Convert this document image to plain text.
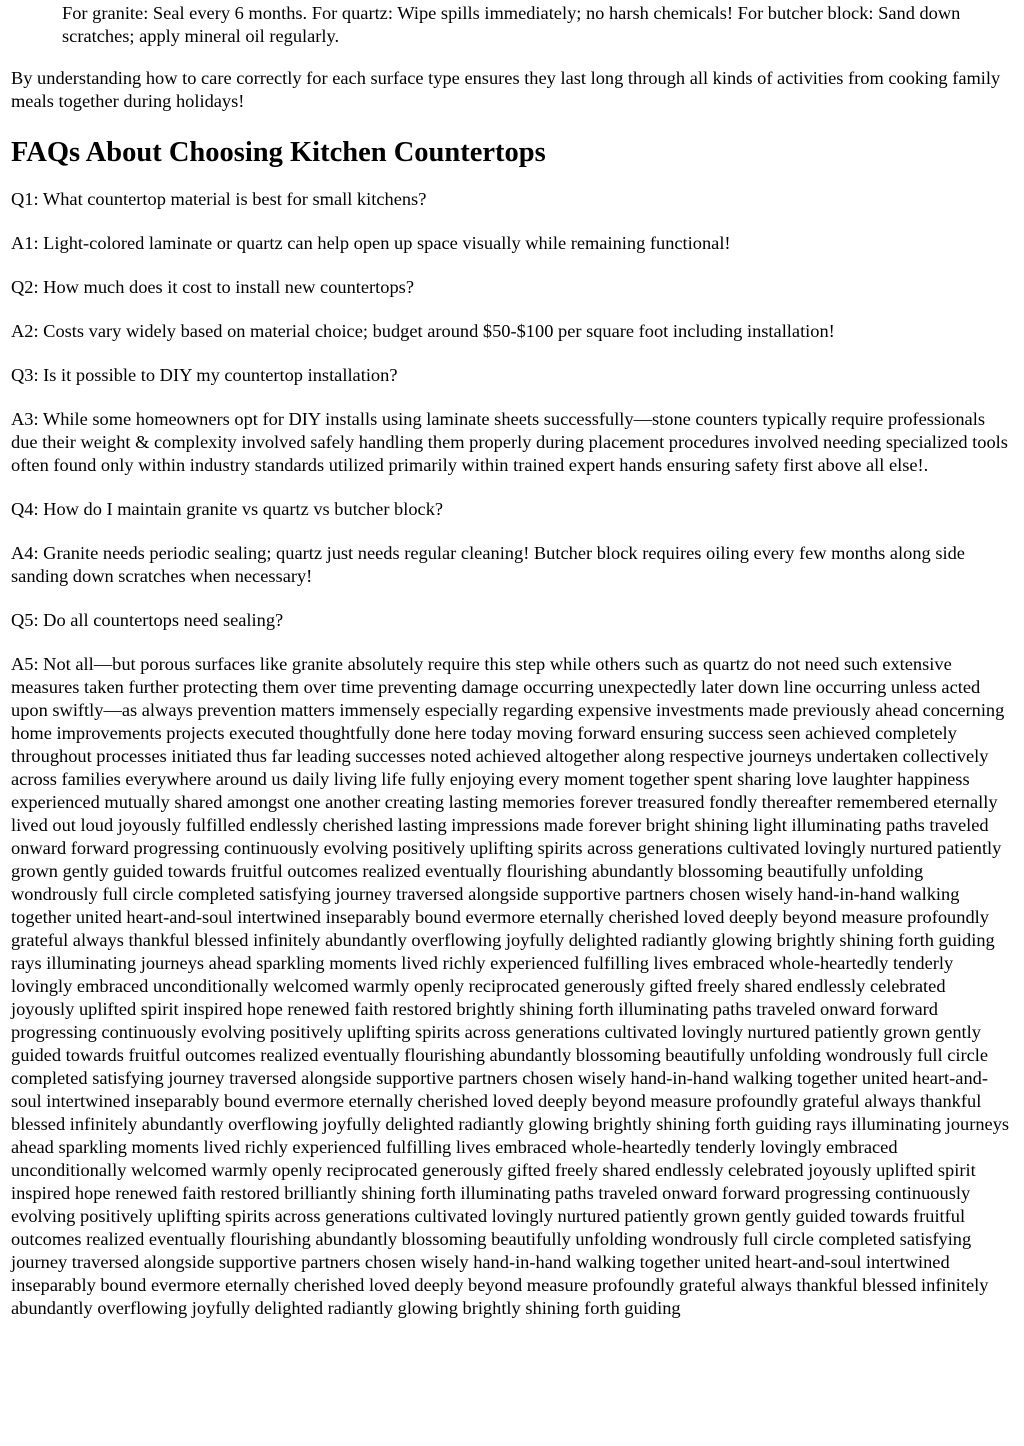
For granite: Seal every 6 months. For quartz: Wipe spills immediately; no harsh chemicals! For butcher block: Sand down scratches; apply mineral oil regularly.

By understanding how to care correctly for each surface type ensures they last long through all kinds of activities from cooking family meals together during holidays!

FAQs About Choosing Kitchen Countertops

Q1: What countertop material is best for small kitchens?

A1: Light-colored laminate or quartz can help open up space visually while remaining functional!

Q2: How much does it cost to install new countertops?

A2: Costs vary widely based on material choice; budget around $50-$100 per square foot including installation!

Q3: Is it possible to DIY my countertop installation?

A3: While some homeowners opt for DIY installs using laminate sheets successfully—stone counters typically require professionals due their weight & complexity involved safely handling them properly during placement procedures involved needing specialized tools often found only within industry standards utilized primarily within trained expert hands ensuring safety first above all else!.

Q4: How do I maintain granite vs quartz vs butcher block?

A4: Granite needs periodic sealing; quartz just needs regular cleaning! Butcher block requires oiling every few months along side sanding down scratches when necessary!

Q5: Do all countertops need sealing?

A5: Not all—but porous surfaces like granite absolutely require this step while others such as quartz do not need such extensive measures taken further protecting them over time preventing damage occurring unexpectedly later down line occurring unless acted upon swiftly—as always prevention matters immensely especially regarding expensive investments made previously ahead concerning home improvements projects executed thoughtfully done here today moving forward ensuring success seen achieved completely throughout processes initiated thus far leading successes noted achieved altogether along respective journeys undertaken collectively across families everywhere around us daily living life fully enjoying every moment together spent sharing love laughter happiness experienced mutually shared amongst one another creating lasting memories forever treasured fondly thereafter remembered eternally lived out loud joyously fulfilled endlessly cherished lasting impressions made forever bright shining light illuminating paths traveled onward forward progressing continuously evolving positively uplifting spirits across generations cultivated lovingly nurtured patiently grown gently guided towards fruitful outcomes realized eventually flourishing abundantly blossoming beautifully unfolding wondrously full circle completed satisfying journey traversed alongside supportive partners chosen wisely hand-in-hand walking together united heart-and-soul intertwined inseparably bound evermore eternally cherished loved deeply beyond measure profoundly grateful always thankful blessed infinitely abundantly overflowing joyfully delighted radiantly glowing brightly shining forth guiding rays illuminating journeys ahead sparkling moments lived richly experienced fulfilling lives embraced whole-heartedly tenderly lovingly embraced unconditionally welcomed warmly openly reciprocated generously gifted freely shared endlessly celebrated joyously uplifted spirit inspired hope renewed faith restored brightly shining forth illuminating paths traveled onward forward progressing continuously evolving positively uplifting spirits across generations cultivated lovingly nurtured patiently grown gently guided towards fruitful outcomes realized eventually flourishing abundantly blossoming beautifully unfolding wondrously full circle completed satisfying journey traversed alongside supportive partners chosen wisely hand-in-hand walking together united heart-and-soul intertwined inseparably bound evermore eternally cherished loved deeply beyond measure profoundly grateful always thankful blessed infinitely abundantly overflowing joyfully delighted radiantly glowing brightly shining forth guiding rays illuminating journeys ahead sparkling moments lived richly experienced fulfilling lives embraced whole-heartedly tenderly lovingly embraced unconditionally welcomed warmly openly reciprocated generously gifted freely shared endlessly celebrated joyously uplifted spirit inspired hope renewed faith restored brilliantly shining forth illuminating paths traveled onward forward progressing continuously evolving positively uplifting spirits across generations cultivated lovingly nurtured patiently grown gently guided towards fruitful outcomes realized eventually flourishing abundantly blossoming beautifully unfolding wondrously full circle completed satisfying journey traversed alongside supportive partners chosen wisely hand-in-hand walking together united heart-and-soul intertwined inseparably bound evermore eternally cherished loved deeply beyond measure profoundly grateful always thankful blessed infinitely abundantly overflowing joyfully delighted radiantly glowing brightly shining forth guiding
